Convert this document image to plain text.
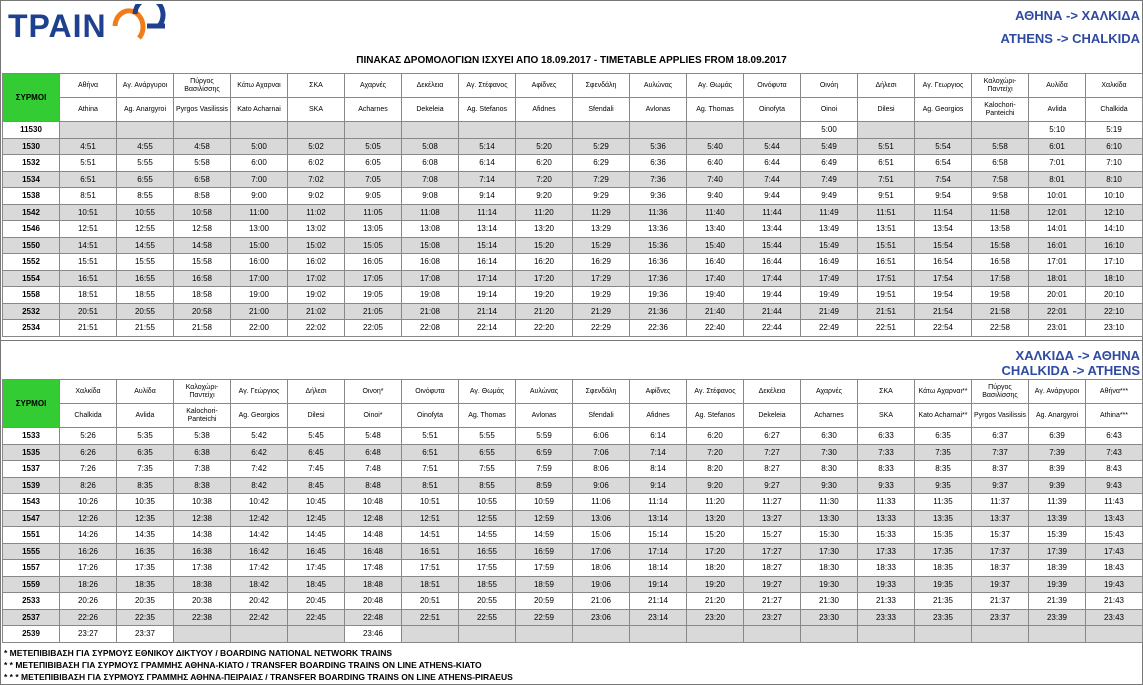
ΤΡΑΙΝ	ΑΘΗΝΑ -> ΧΑΛΚΙΔΑ
ATHENS -> CHALKIDA
ΠΙΝΑΚΑΣ ΔΡΟΜΟΛΟΓΙΩΝ ΙΣΧΥΕΙ ΑΠΟ 18.09.2017 - TIMETABLE APPLIES FROM 18.09.2017
ΣΥΡΜΟΙ	Αθήνα	Αγ. Ανάργυροι	Πύργος Βασιλίσσης	Κάτω Αχαρναι	ΣΚΑ	Αχαρνές	Δεκέλεια	Αγ. Στέφανος	Αφίδνες	Σφενδάλη	Αυλώνας	Αγ. Θωμάς	Οινόφυτα	Οινόη	Δήλεσι	Αγ. Γεωργιος	Καλοχώρι-Παντείχι	Αυλίδα	Χαλκίδα
	Athina	Ag. Anargyroi	Pyrgos Vasilissis	Kato Acharnai	SKA	Acharnes	Dekeleia	Ag. Stefanos	Afidnes	Sfendali	Avlonas	Ag. Thomas	Oinofyta	Oinoi	Dilesi	Ag. Georgios	Kalochori-Panteichi	Avlida	Chalkida
11530														5:00				5:10	5:19
1530	4:51	4:55	4:58	5:00	5:02	5:05	5:08	5:14	5:20	5:29	5:36	5:40	5:44	5:49	5:51	5:54	5:58	6:01	6:10
1532	5:51	5:55	5:58	6:00	6:02	6:05	6:08	6:14	6:20	6:29	6:36	6:40	6:44	6:49	6:51	6:54	6:58	7:01	7:10
1534	6:51	6:55	6:58	7:00	7:02	7:05	7:08	7:14	7:20	7:29	7:36	7:40	7:44	7:49	7:51	7:54	7:58	8:01	8:10
1538	8:51	8:55	8:58	9:00	9:02	9:05	9:08	9:14	9:20	9:29	9:36	9:40	9:44	9:49	9:51	9:54	9:58	10:01	10:10
1542	10:51	10:55	10:58	11:00	11:02	11:05	11:08	11:14	11:20	11:29	11:36	11:40	11:44	11:49	11:51	11:54	11:58	12:01	12:10
1546	12:51	12:55	12:58	13:00	13:02	13:05	13:08	13:14	13:20	13:29	13:36	13:40	13:44	13:49	13:51	13:54	13:58	14:01	14:10
1550	14:51	14:55	14:58	15:00	15:02	15:05	15:08	15:14	15:20	15:29	15:36	15:40	15:44	15:49	15:51	15:54	15:58	16:01	16:10
1552	15:51	15:55	15:58	16:00	16:02	16:05	16:08	16:14	16:20	16:29	16:36	16:40	16:44	16:49	16:51	16:54	16:58	17:01	17:10
1554	16:51	16:55	16:58	17:00	17:02	17:05	17:08	17:14	17:20	17:29	17:36	17:40	17:44	17:49	17:51	17:54	17:58	18:01	18:10
1558	18:51	18:55	18:58	19:00	19:02	19:05	19:08	19:14	19:20	19:29	19:36	19:40	19:44	19:49	19:51	19:54	19:58	20:01	20:10
2532	20:51	20:55	20:58	21:00	21:02	21:05	21:08	21:14	21:20	21:29	21:36	21:40	21:44	21:49	21:51	21:54	21:58	22:01	22:10
2534	21:51	21:55	21:58	22:00	22:02	22:05	22:08	22:14	22:20	22:29	22:36	22:40	22:44	22:49	22:51	22:54	22:58	23:01	23:10
ΧΑΛΚΙΔΑ -> ΑΘΗΝΑ
CHALKIDA -> ATHENS
ΣΥΡΜΟΙ	Χαλκίδα	Αυλίδα	Καλοχώρι-Παντείχι	Αγ. Γεώργιος	Δήλεσι	Οινοη*	Οινόφυτα	Αγ. Θωμάς	Αυλώνας	Σφενδάλη	Αφίδνες	Αγ. Στέφανος	Δεκέλεια	Αχαρνές	ΣΚΑ	Κάτω Αχαρναι**	Πύργος Βασιλίσσης	Αγ. Ανάργυροι	Αθήνα***
	Chalkida	Avlida	Kalochori-Panteichi	Ag. Georgios	Dilesi	Oinoi*	Oinofyta	Ag. Thomas	Avlonas	Sfendali	Afidnes	Ag. Stefanos	Dekeleia	Acharnes	SKA	Kato Acharnai**	Pyrgos Vasilissis	Ag. Anargyroi	Athina***
1533	5:26	5:35	5:38	5:42	5:45	5:48	5:51	5:55	5:59	6:06	6:14	6:20	6:27	6:30	6:33	6:35	6:37	6:39	6:43
1535	6:26	6:35	6:38	6:42	6:45	6:48	6:51	6:55	6:59	7:06	7:14	7:20	7:27	7:30	7:33	7:35	7:37	7:39	7:43
1537	7:26	7:35	7:38	7:42	7:45	7:48	7:51	7:55	7:59	8:06	8:14	8:20	8:27	8:30	8:33	8:35	8:37	8:39	8:43
1539	8:26	8:35	8:38	8:42	8:45	8:48	8:51	8:55	8:59	9:06	9:14	9:20	9:27	9:30	9:33	9:35	9:37	9:39	9:43
1543	10:26	10:35	10:38	10:42	10:45	10:48	10:51	10:55	10:59	11:06	11:14	11:20	11:27	11:30	11:33	11:35	11:37	11:39	11:43
1547	12:26	12:35	12:38	12:42	12:45	12:48	12:51	12:55	12:59	13:06	13:14	13:20	13:27	13:30	13:33	13:35	13:37	13:39	13:43
1551	14:26	14:35	14:38	14:42	14:45	14:48	14:51	14:55	14:59	15:06	15:14	15:20	15:27	15:30	15:33	15:35	15:37	15:39	15:43
1555	16:26	16:35	16:38	16:42	16:45	16:48	16:51	16:55	16:59	17:06	17:14	17:20	17:27	17:30	17:33	17:35	17:37	17:39	17:43
1557	17:26	17:35	17:38	17:42	17:45	17:48	17:51	17:55	17:59	18:06	18:14	18:20	18:27	18:30	18:33	18:35	18:37	18:39	18:43
1559	18:26	18:35	18:38	18:42	18:45	18:48	18:51	18:55	18:59	19:06	19:14	19:20	19:27	19:30	19:33	19:35	19:37	19:39	19:43
2533	20:26	20:35	20:38	20:42	20:45	20:48	20:51	20:55	20:59	21:06	21:14	21:20	21:27	21:30	21:33	21:35	21:37	21:39	21:43
2537	22:26	22:35	22:38	22:42	22:45	22:48	22:51	22:55	22:59	23:06	23:14	23:20	23:27	23:30	23:33	23:35	23:37	23:39	23:43
2539	23:27	23:37				23:46													
* ΜΕΤΕΠΙΒΙΒΑΣΗ ΓΙΑ ΣΥΡΜΟΥΣ ΕΘΝΙΚΟΥ ΔΙΚΤΥΟΥ / BOARDING NATIONAL NETWORK TRAINS
* * ΜΕΤΕΠΙΒΙΒΑΣΗ ΓΙΑ ΣΥΡΜΟΥΣ ΓΡΑΜΜΗΣ ΑΘΗΝΑ-ΚΙΑΤΟ / TRANSFER BOARDING TRAINS ON LINE ATHENS-KIATO
* * * ΜΕΤΕΠΙΒΙΒΑΣΗ ΓΙΑ ΣΥΡΜΟΥΣ ΓΡΑΜΜΗΣ ΑΘΗΝΑ-ΠΕΙΡΑΙΑΣ / TRANSFER BOARDING TRAINS ON LINE ATHENS-PIRAEUS
